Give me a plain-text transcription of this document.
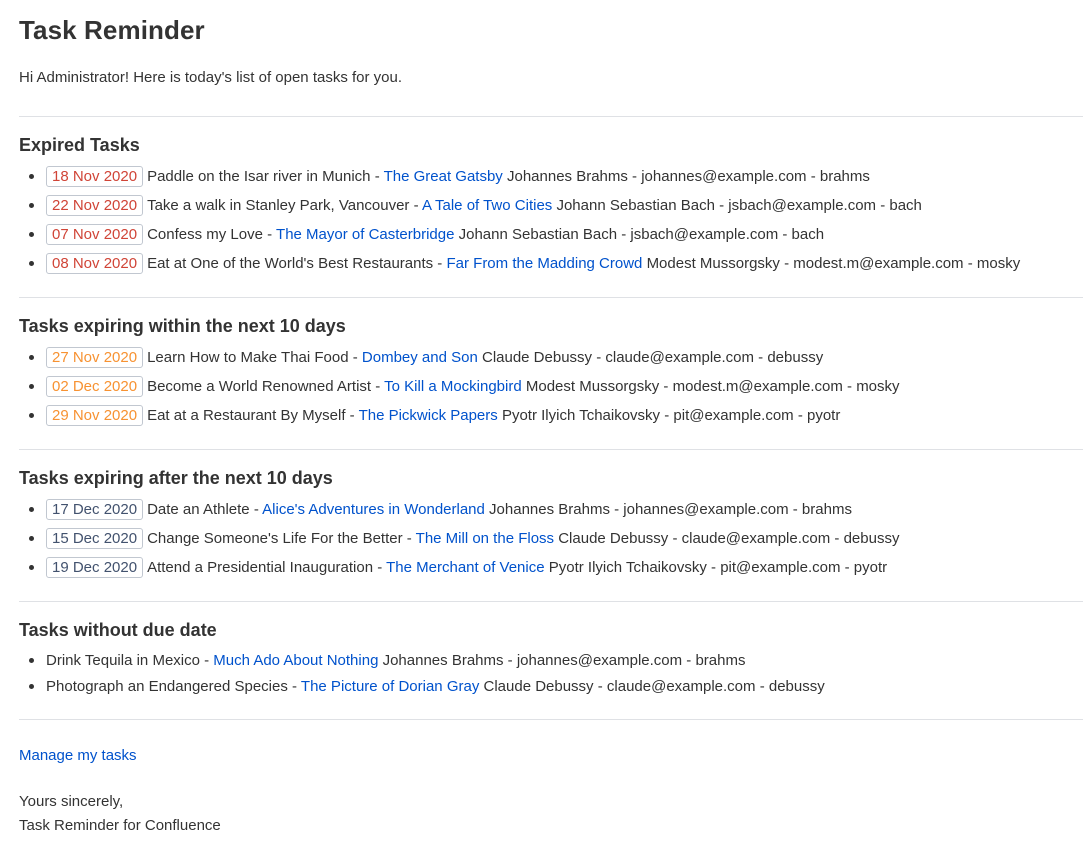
Task Reminder

Hi Administrator! Here is today's list of open tasks for you.

Expired Tasks
18 Nov 2020 Paddle on the Isar river in Munich - The Great Gatsby Johannes Brahms - johannes@example.com - brahms
22 Nov 2020 Take a walk in Stanley Park, Vancouver - A Tale of Two Cities Johann Sebastian Bach - jsbach@example.com - bach
07 Nov 2020 Confess my Love - The Mayor of Casterbridge Johann Sebastian Bach - jsbach@example.com - bach
08 Nov 2020 Eat at One of the World's Best Restaurants - Far From the Madding Crowd Modest Mussorgsky - modest.m@example.com - mosky
Tasks expiring within the next 10 days
27 Nov 2020 Learn How to Make Thai Food - Dombey and Son Claude Debussy - claude@example.com - debussy
02 Dec 2020 Become a World Renowned Artist - To Kill a Mockingbird Modest Mussorgsky - modest.m@example.com - mosky
29 Nov 2020 Eat at a Restaurant By Myself - The Pickwick Papers Pyotr Ilyich Tchaikovsky - pit@example.com - pyotr
Tasks expiring after the next 10 days
17 Dec 2020 Date an Athlete - Alice's Adventures in Wonderland Johannes Brahms - johannes@example.com - brahms
15 Dec 2020 Change Someone's Life For the Better - The Mill on the Floss Claude Debussy - claude@example.com - debussy
19 Dec 2020 Attend a Presidential Inauguration - The Merchant of Venice Pyotr Ilyich Tchaikovsky - pit@example.com - pyotr
Tasks without due date
Drink Tequila in Mexico - Much Ado About Nothing Johannes Brahms - johannes@example.com - brahms
Photograph an Endangered Species - The Picture of Dorian Gray Claude Debussy - claude@example.com - debussy
Manage my tasks

Yours sincerely,
Task Reminder for Confluence
